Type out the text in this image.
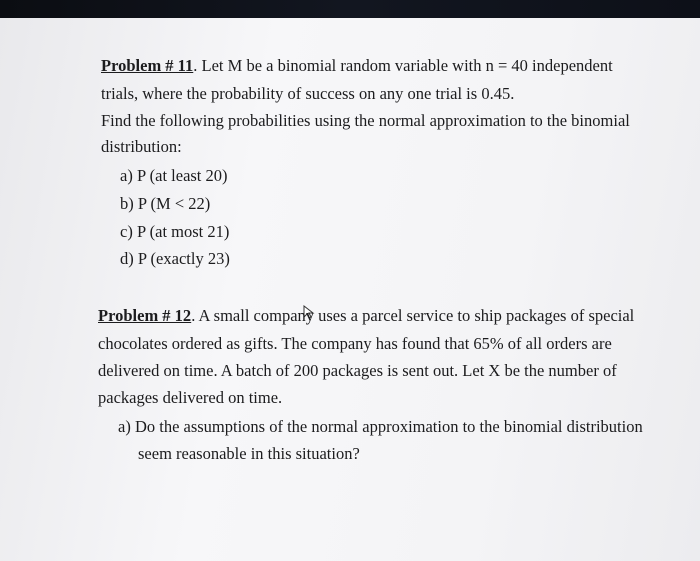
Problem # 11. Let M be a binomial random variable with n = 40 independent
trials, where the probability of success on any one trial is 0.45.
Find the following probabilities using the normal approximation to the binomial
distribution:
a) P (at least 20)
b) P (M < 22)
c) P (at most 21)
d) P (exactly 23)
Problem # 12. A small company uses a parcel service to ship packages of special
chocolates ordered as gifts. The company has found that 65% of all orders are
delivered on time. A batch of 200 packages is sent out. Let X be the number of
packages delivered on time.
a) Do the assumptions of the normal approximation to the binomial distribution
seem reasonable in this situation?
